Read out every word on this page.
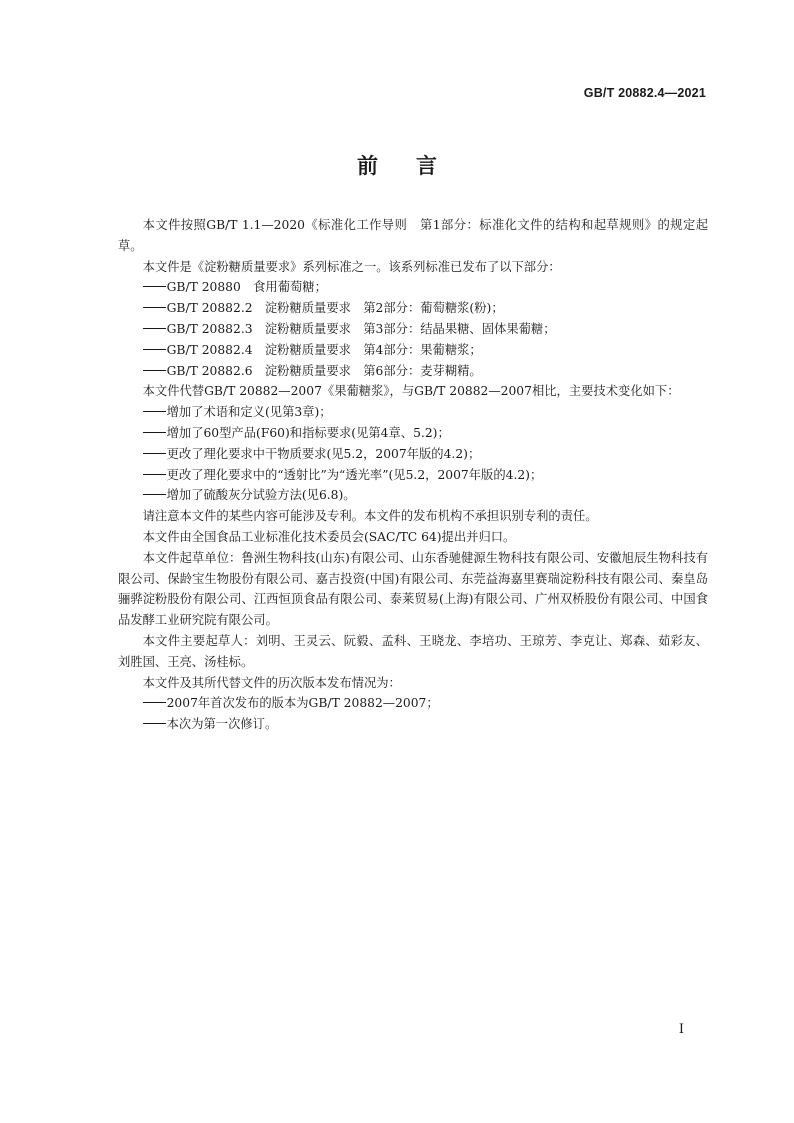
GB/T 20882.4—2021
前言

本文件按照GB/T 1.1—2020《标准化工作导则　第1部分：标准化文件的结构和起草规则》的规定起草。

本文件是《淀粉糖质量要求》系列标准之一。该系列标准已发布了以下部分：

GB/T 20880　食用葡萄糖；

GB/T 20882.2　淀粉糖质量要求　第2部分：葡萄糖浆(粉)；

GB/T 20882.3　淀粉糖质量要求　第3部分：结晶果糖、固体果葡糖；

GB/T 20882.4　淀粉糖质量要求　第4部分：果葡糖浆；

GB/T 20882.6　淀粉糖质量要求　第6部分：麦芽糊精。

本文件代替GB/T 20882—2007《果葡糖浆》，与GB/T 20882—2007相比，主要技术变化如下：

增加了术语和定义(见第3章)；

增加了60型产品(F60)和指标要求(见第4章、5.2)；

更改了理化要求中干物质要求(见5.2，2007年版的4.2)；

更改了理化要求中的“透射比”为“透光率”(见5.2，2007年版的4.2)；

增加了硫酸灰分试验方法(见6.8)。

请注意本文件的某些内容可能涉及专利。本文件的发布机构不承担识别专利的责任。

本文件由全国食品工业标准化技术委员会(SAC/TC 64)提出并归口。

本文件起草单位：鲁洲生物科技(山东)有限公司、山东香驰健源生物科技有限公司、安徽旭辰生物科技有限公司、保龄宝生物股份有限公司、嘉吉投资(中国)有限公司、东莞益海嘉里赛瑞淀粉科技有限公司、秦皇岛骊骅淀粉股份有限公司、江西恒顶食品有限公司、泰莱贸易(上海)有限公司、广州双桥股份有限公司、中国食品发酵工业研究院有限公司。

本文件主要起草人：刘明、王灵云、阮毅、孟科、王晓龙、李培功、王琼芳、李克让、郑森、茹彩友、刘胜国、王亮、汤桂标。

本文件及其所代替文件的历次版本发布情况为：

2007年首次发布的版本为GB/T 20882—2007；

本次为第一次修订。

I
